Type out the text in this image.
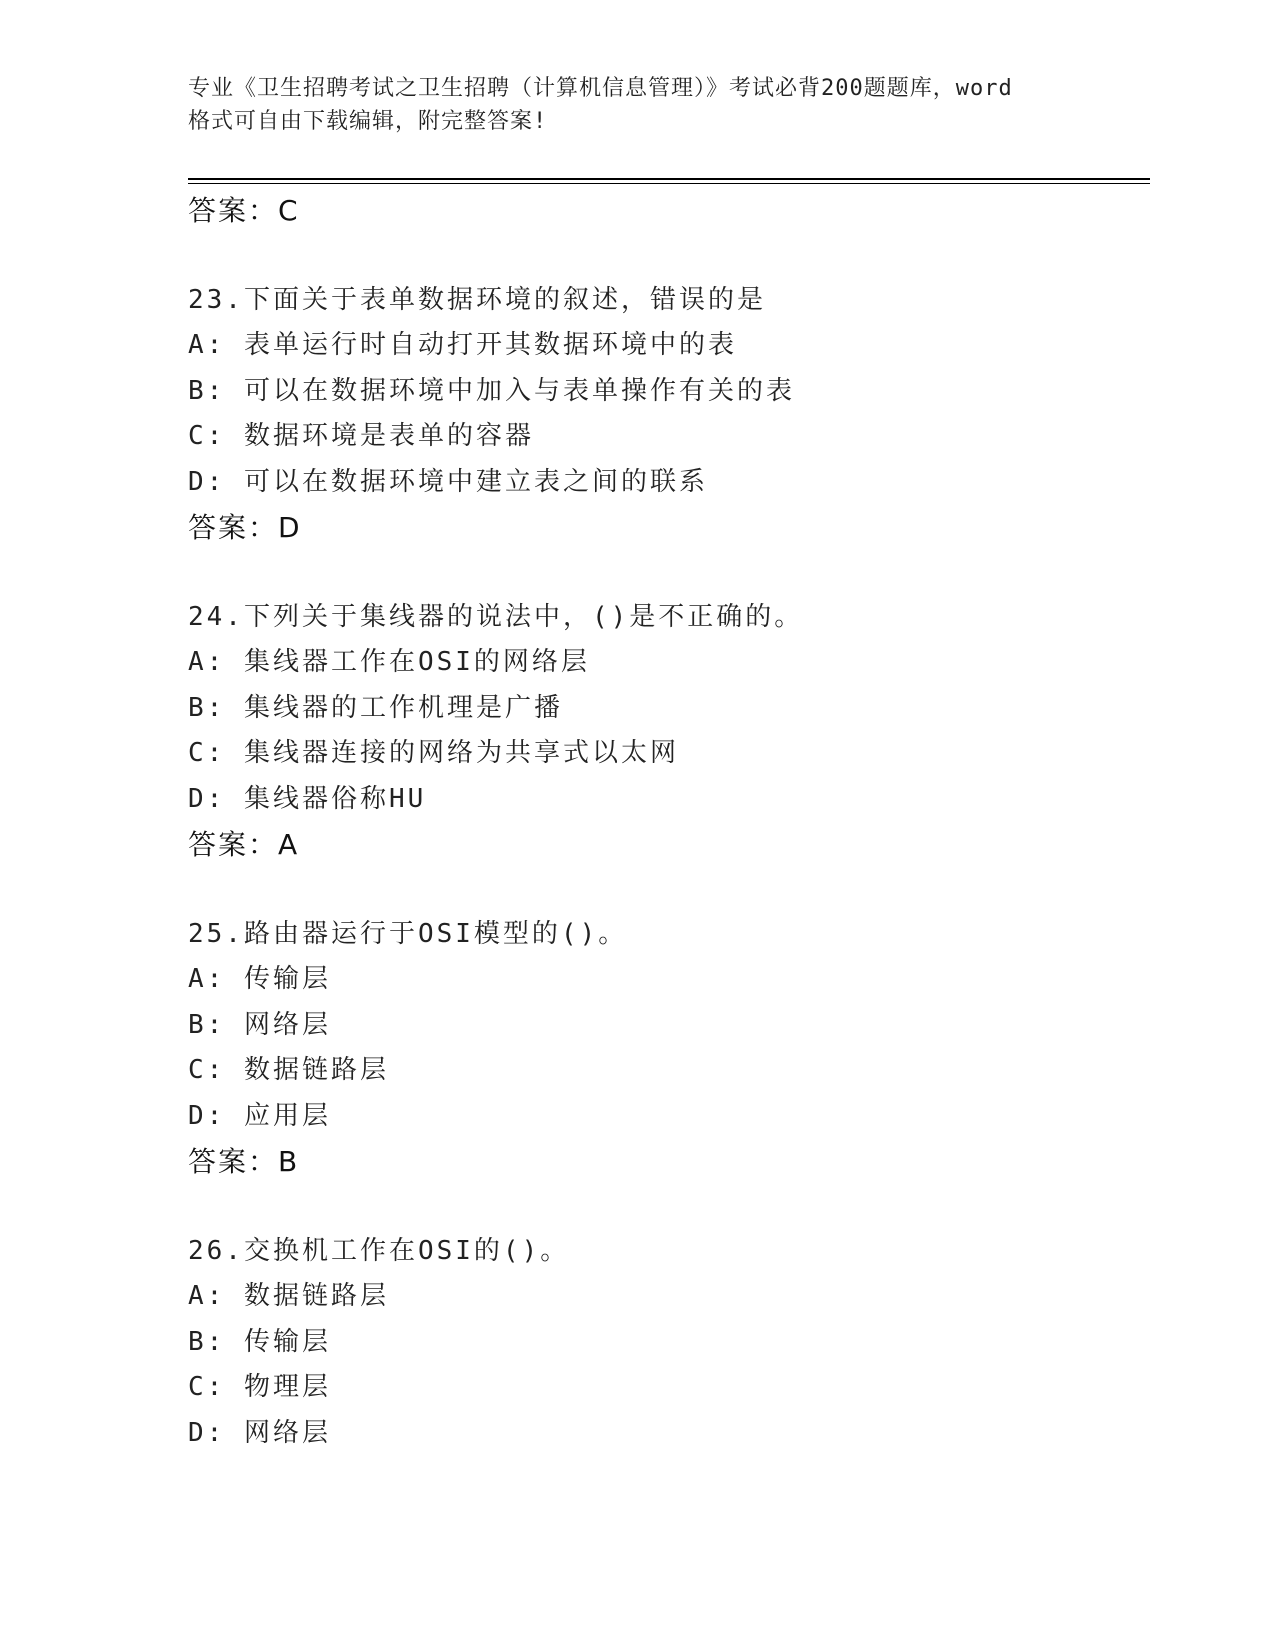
专业《卫生招聘考试之卫生招聘（计算机信息管理）》考试必背200题题库，word
格式可自由下载编辑，附完整答案!
答案：C
23.下面关于表单数据环境的叙述，错误的是
A: 表单运行时自动打开其数据环境中的表
B: 可以在数据环境中加入与表单操作有关的表
C: 数据环境是表单的容器
D: 可以在数据环境中建立表之间的联系
答案：D
24.下列关于集线器的说法中，()是不正确的。
A: 集线器工作在OSI的网络层
B: 集线器的工作机理是广播
C: 集线器连接的网络为共享式以太网
D: 集线器俗称HU
答案：A
25.路由器运行于OSI模型的()。
A: 传输层
B: 网络层
C: 数据链路层
D: 应用层
答案：B
26.交换机工作在OSI的()。
A: 数据链路层
B: 传输层
C: 物理层
D: 网络层
